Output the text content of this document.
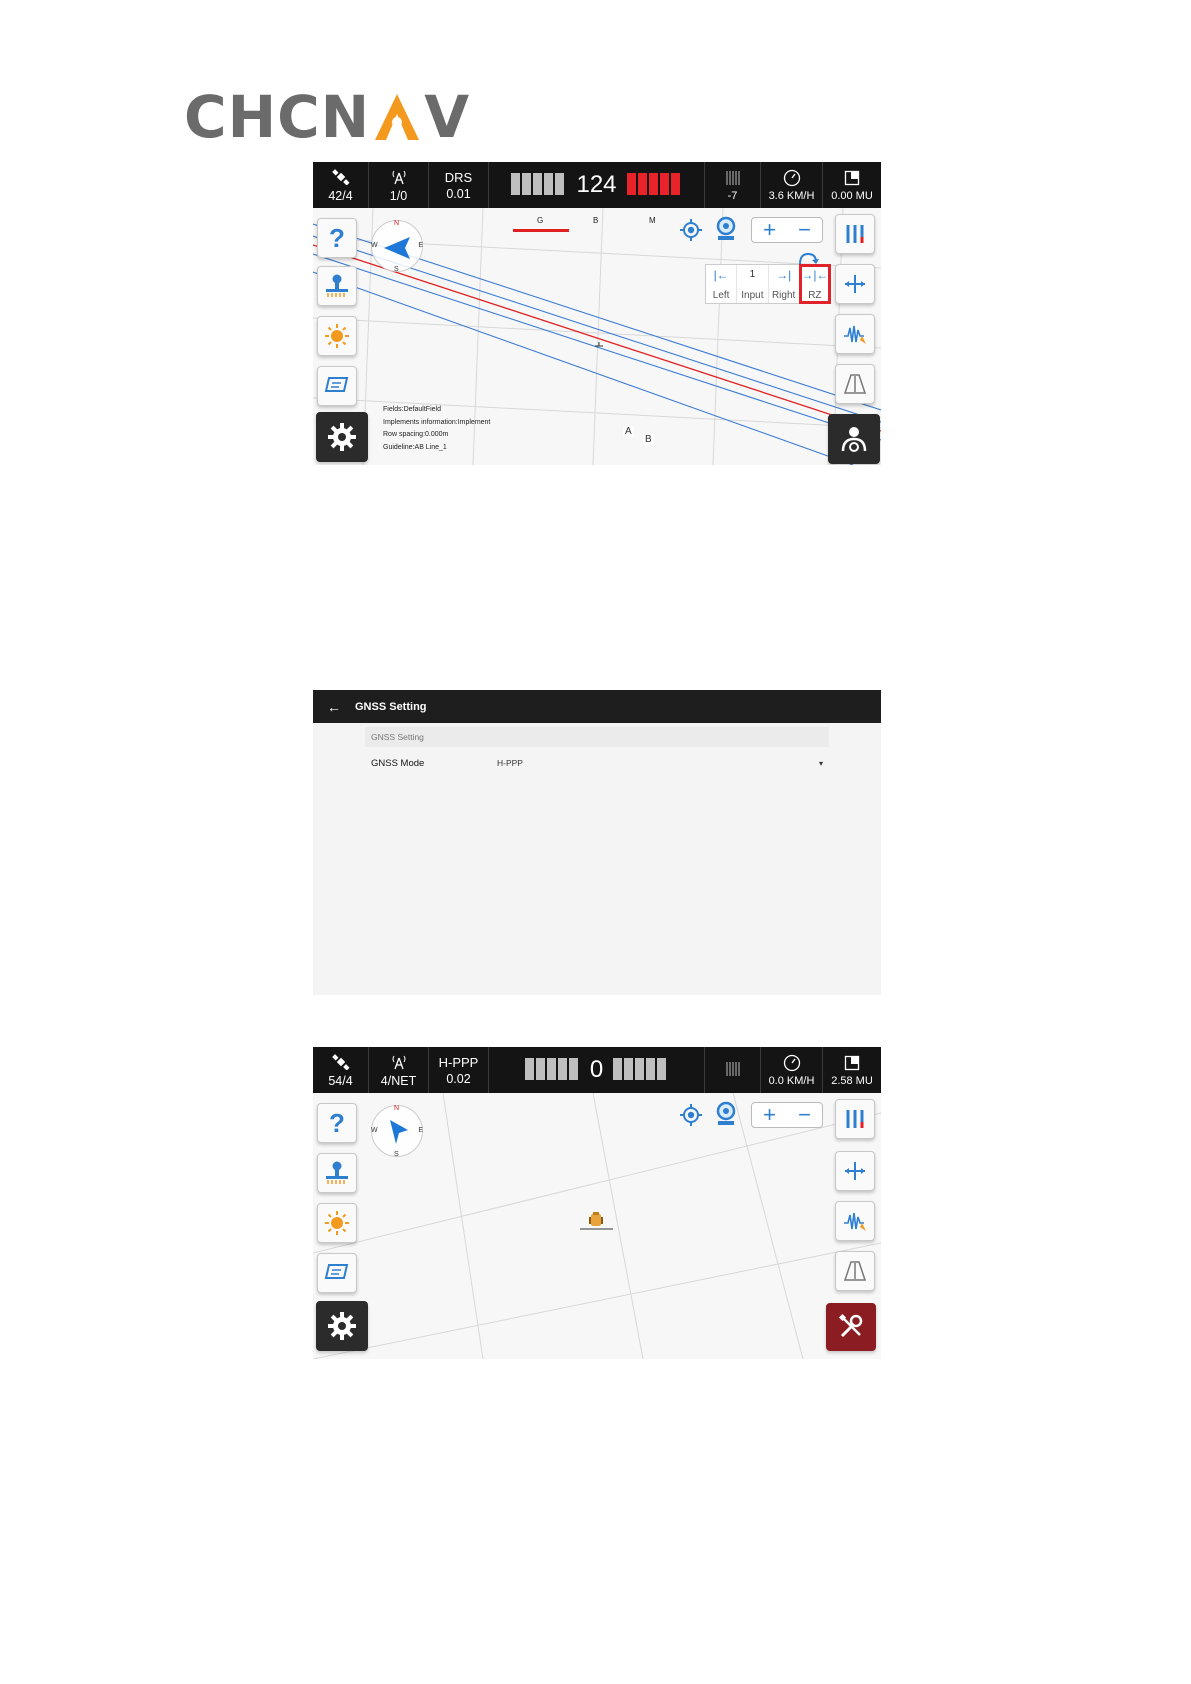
CHCN V
42/4	1/0
DRS
0.01	124	-7	3.6 KM/H 0.00 MU
G	B	M
N
W	E
S
+	−
|←
Left
1
Input
→|
Right
→|←
RZ
?
Fields:DefaultField
Implements information:Implement
Row spacing:0.000m
Guideline:AB Line_1
A
B
←	GNSS Setting
GNSS Setting
GNSS Mode	H-PPP	▾
54/4 4/NET
H-PPP
0.02	0	0.0 KM/H 2.58 MU
N
W	E
S
+	−
?
